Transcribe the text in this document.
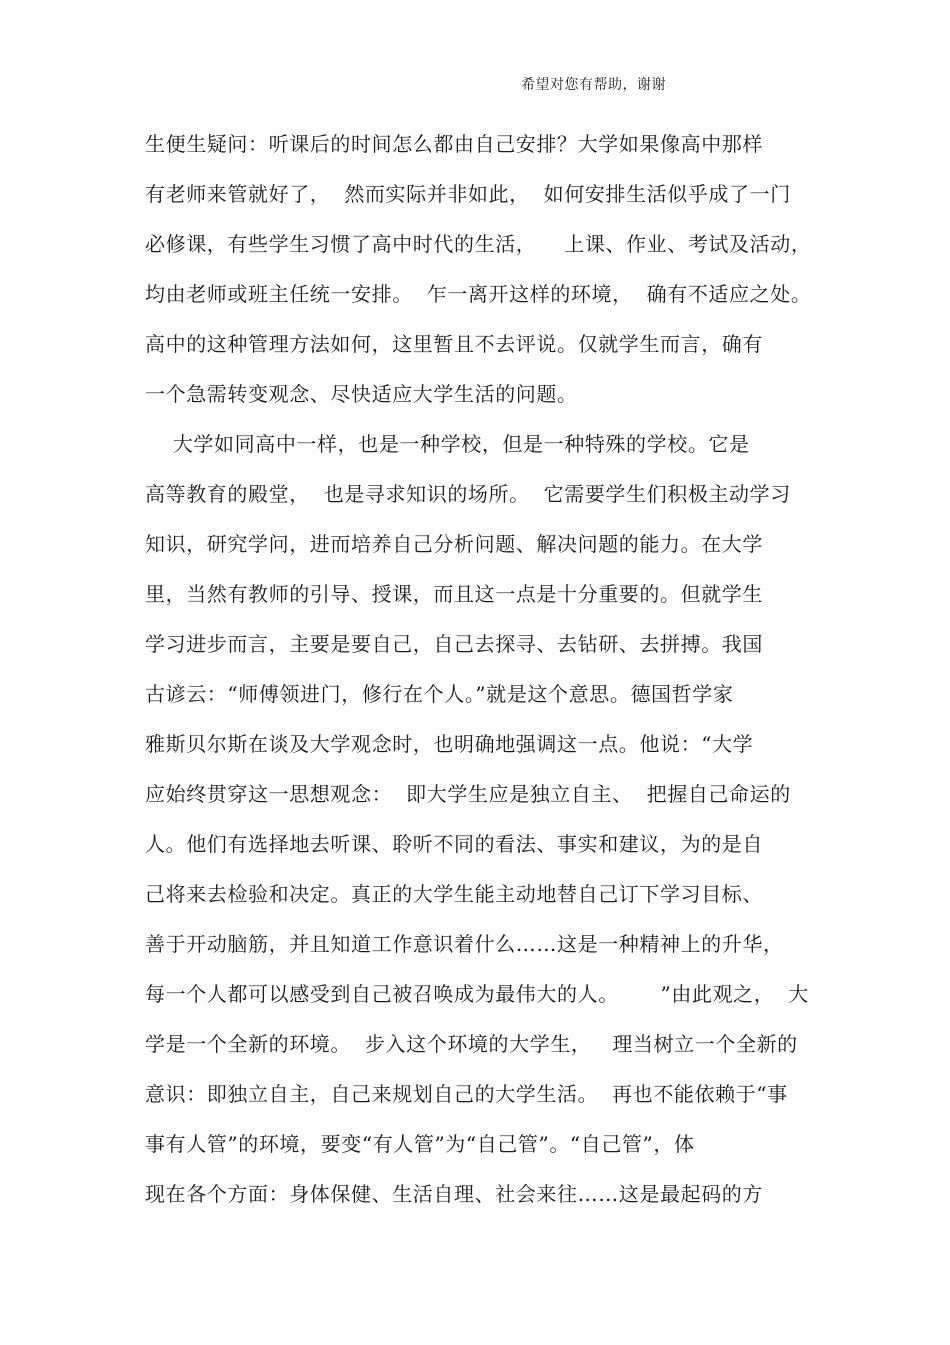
希望对您有帮助，谢谢
生便生疑问：听课后的时间怎么都由自己安排？大学如果像高中那样
有老师来管就好了，  然而实际并非如此，  如何安排生活似乎成了一门
必修课，有些学生习惯了高中时代的生活，    上课、作业、考试及活动，
均由老师或班主任统一安排。  乍一离开这样的环境，  确有不适应之处。
高中的这种管理方法如何，这里暂且不去评说。仅就学生而言，确有
一个急需转变观念、尽快适应大学生活的问题。
大学如同高中一样，也是一种学校，但是一种特殊的学校。它是
高等教育的殿堂，  也是寻求知识的场所。  它需要学生们积极主动学习
知识，研究学问，进而培养自己分析问题、解决问题的能力。在大学
里，当然有教师的引导、授课，而且这一点是十分重要的。但就学生
学习进步而言，主要是要自己，自己去探寻、去钻研、去拼搏。我国
古谚云：“师傅领进门，修行在个人。”就是这个意思。德国哲学家
雅斯贝尔斯在谈及大学观念时，也明确地强调这一点。他说：“大学
应始终贯穿这一思想观念：  即大学生应是独立自主、  把握自己命运的
人。他们有选择地去听课、聆听不同的看法、事实和建议，为的是自
己将来去检验和决定。真正的大学生能主动地替自己订下学习目标、
善于开动脑筋，并且知道工作意识着什么……这是一种精神上的升华，
每一个人都可以感受到自己被召唤成为最伟大的人。      ”由此观之，  大
学是一个全新的环境。  步入这个环境的大学生，   理当树立一个全新的
意识：即独立自主，自己来规划自己的大学生活。  再也不能依赖于“事
事有人管”的环境，要变“有人管”为“自己管”。“自己管”，体
现在各个方面：身体保健、生活自理、社会来往……这是最起码的方
